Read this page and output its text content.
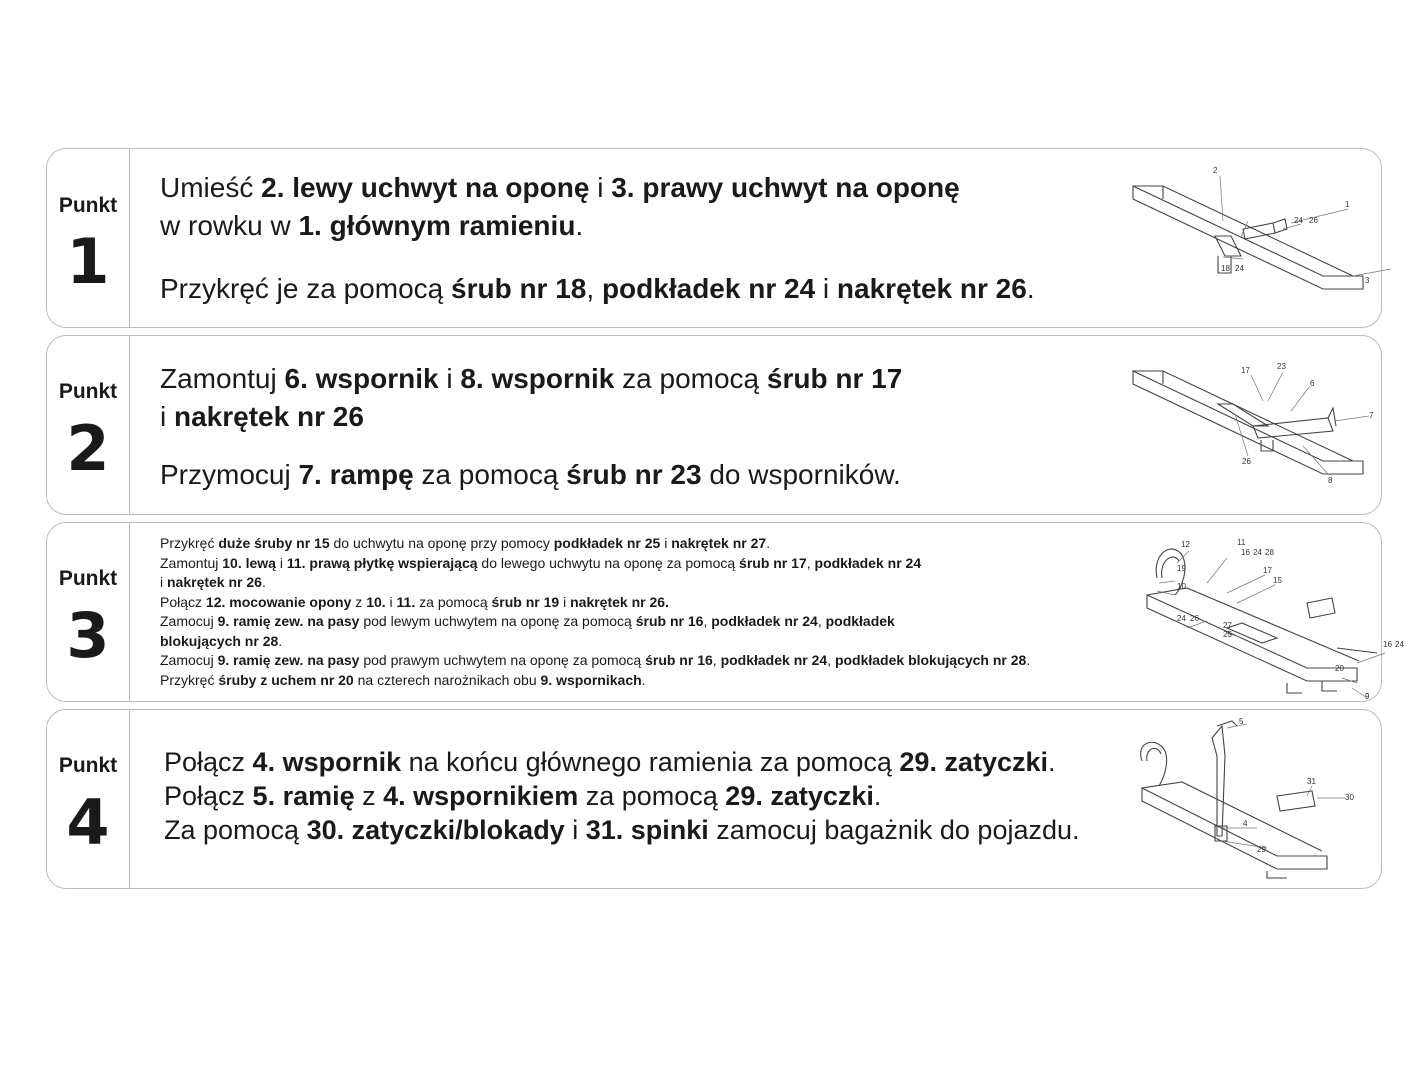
Punkt
1
Umieść 2. lewy uchwyt na oponę i 3. prawy uchwyt na oponę
w rowku w 1. głównym ramieniu.
Przykręć je za pomocą śrub nr 18, podkładek nr 24 i nakrętek nr 26.
2
1
24 26
18 24
3
Punkt
2
Zamontuj 6. wspornik i 8. wspornik za pomocą śrub nr 17
i nakrętek nr 26
Przymocuj 7. rampę za pomocą śrub nr 23 do wsporników.
17	23
6
7
26
8
Punkt
3
Przykręć duże śruby nr 15 do uchwytu na oponę przy pomocy podkładek nr 25 i nakrętek nr 27.
Zamontuj 10. lewą i 11. prawą płytkę wspierającą do lewego uchwytu na oponę za pomocą śrub nr 17, podkładek nr 24
i nakrętek nr 26.
Połącz 12. mocowanie opony z 10. i 11. za pomocą śrub nr 19 i nakrętek nr 26.
Zamocuj 9. ramię zew. na pasy pod lewym uchwytem na oponę za pomocą śrub nr 16, podkładek nr 24, podkładek
blokujących nr 28.
Zamocuj 9. ramię zew. na pasy pod prawym uchwytem na oponę za pomocą śrub nr 16, podkładek nr 24, podkładek blokujących nr 28.
Przykręć śruby z uchem nr 20 na czterech narożnikach obu 9. wspornikach.
12	11
16 24 28
19	17
10
15
24 26
27
25
16 24
20
9
Punkt
4
Połącz 4. wspornik na końcu głównego ramienia za pomocą 29. zatyczki.
Połącz 5. ramię z 4. wspornikiem za pomocą 29. zatyczki.
Za pomocą 30. zatyczki/blokady i 31. spinki zamocuj bagażnik do pojazdu.
5
31
30
4
29
